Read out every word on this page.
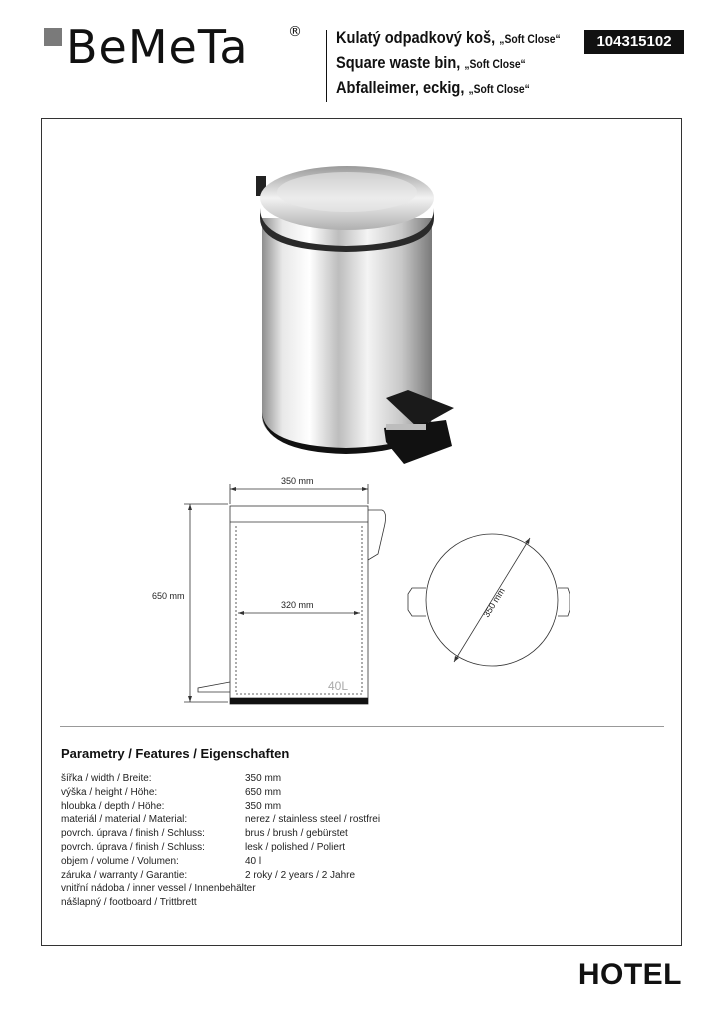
BeMeTa	® Kulatý odpadkový koš, „Soft Close“
Square waste bin, „Soft Close“
Abfalleimer, eckig, „Soft Close“
104315102
350 mm
650 mm
320 mm
40L
350 mm
Parametry / Features / Eigenschaften
šířka / width / Breite:	350 mm
výška / height / Höhe:	650 mm
hloubka / depth / Höhe:	350 mm
materiál / material / Material:	nerez / stainless steel / rostfrei
povrch. úprava / finish / Schluss:	brus / brush / gebürstet
povrch. úprava / finish / Schluss:	lesk / polished / Poliert
objem / volume / Volumen:	40 l
záruka / warranty / Garantie:	2 roky / 2 years / 2 Jahre
vnitřní nádoba / inner vessel / Innenbehälter
nášlapný / footboard / Trittbrett
HOTEL
